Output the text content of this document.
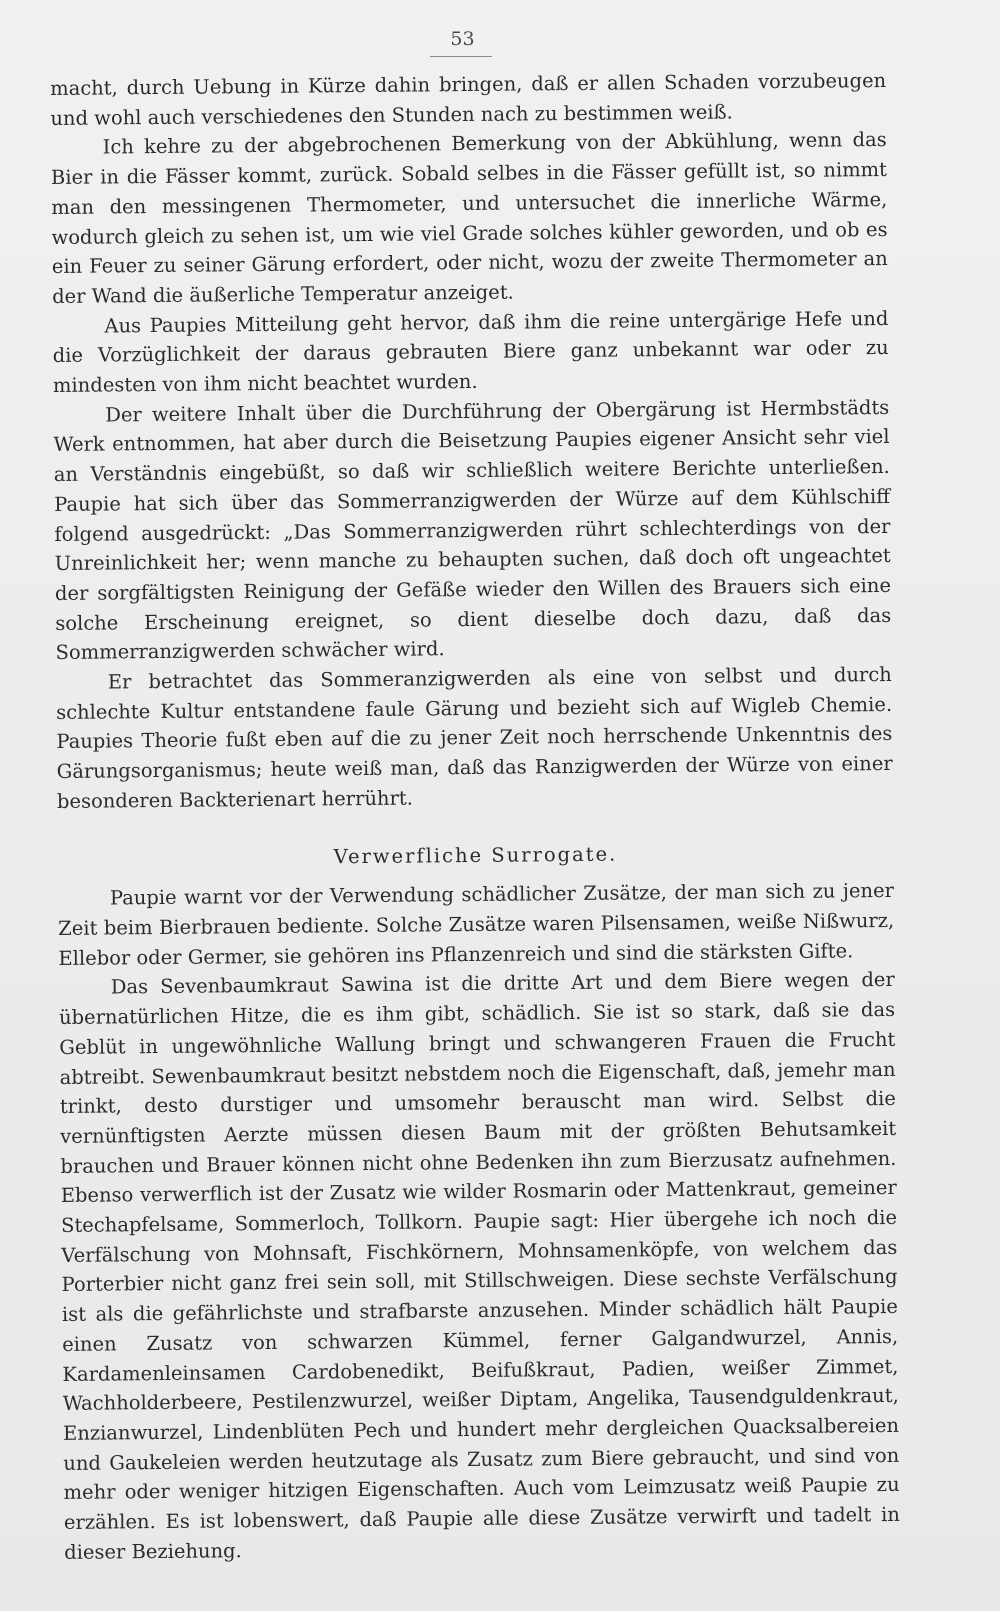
53

macht, durch Uebung in Kürze dahin bringen, daß er allen Schaden vorzubeugen und wohl auch verschiedenes den Stunden nach zu bestimmen weiß.

Ich kehre zu der abgebrochenen Bemerkung von der Abkühlung, wenn das Bier in die Fässer kommt, zurück. Sobald selbes in die Fässer gefüllt ist, so nimmt man den messingenen Thermometer, und untersuchet die innerliche Wärme, wodurch gleich zu sehen ist, um wie viel Grade solches kühler geworden, und ob es ein Feuer zu seiner Gärung erfordert, oder nicht, wozu der zweite Thermometer an der Wand die äußerliche Temperatur anzeiget.

Aus Paupies Mitteilung geht hervor, daß ihm die reine untergärige Hefe und die Vorzüglichkeit der daraus gebrauten Biere ganz unbekannt war oder zu mindesten von ihm nicht beachtet wurden.

Der weitere Inhalt über die Durchführung der Obergärung ist Hermbstädts Werk entnommen, hat aber durch die Beisetzung Paupies eigener Ansicht sehr viel an Verständnis eingebüßt, so daß wir schließlich weitere Berichte unterließen. Paupie hat sich über das Sommerranzigwerden der Würze auf dem Kühlschiff folgend ausgedrückt: „Das Sommerranzigwerden rührt schlechterdings von der Unreinlichkeit her; wenn manche zu behaupten suchen, daß doch oft ungeachtet der sorgfältigsten Reinigung der Gefäße wieder den Willen des Brauers sich eine solche Erscheinung ereignet, so dient dieselbe doch dazu, daß das Sommerranzigwerden schwächer wird.

Er betrachtet das Sommeranzigwerden als eine von selbst und durch schlechte Kultur entstandene faule Gärung und bezieht sich auf Wigleb Chemie. Paupies Theorie fußt eben auf die zu jener Zeit noch herrschende Unkenntnis des Gärungsorganismus; heute weiß man, daß das Ranzigwerden der Würze von einer besonderen Backterienart herrührt.

Verwerfliche Surrogate.

Paupie warnt vor der Verwendung schädlicher Zusätze, der man sich zu jener Zeit beim Bierbrauen bediente. Solche Zusätze waren Pilsensamen, weiße Nißwurz, Ellebor oder Germer, sie gehören ins Pflanzenreich und sind die stärksten Gifte.

Das Sevenbaumkraut Sawina ist die dritte Art und dem Biere wegen der übernatürlichen Hitze, die es ihm gibt, schädlich. Sie ist so stark, daß sie das Geblüt in ungewöhnliche Wallung bringt und schwangeren Frauen die Frucht abtreibt. Sewenbaumkraut besitzt nebstdem noch die Eigenschaft, daß, jemehr man trinkt, desto durstiger und umsomehr berauscht man wird. Selbst die vernünftigsten Aerzte müssen diesen Baum mit der größten Behutsamkeit brauchen und Brauer können nicht ohne Bedenken ihn zum Bierzusatz aufnehmen. Ebenso verwerflich ist der Zusatz wie wilder Rosmarin oder Mattenkraut, gemeiner Stechapfelsame, Sommerloch, Tollkorn. Paupie sagt: Hier übergehe ich noch die Verfälschung von Mohnsaft, Fischkörnern, Mohnsamenköpfe, von welchem das Porterbier nicht ganz frei sein soll, mit Stillschweigen. Diese sechste Verfälschung ist als die gefährlichste und strafbarste anzusehen. Minder schädlich hält Paupie einen Zusatz von schwarzen Kümmel, ferner Galgandwurzel, Annis, Kardamenleinsamen Cardobenedikt, Beifußkraut, Padien, weißer Zimmet, Wachholderbeere, Pestilenzwurzel, weißer Diptam, Angelika, Tausendguldenkraut, Enzianwurzel, Lindenblüten Pech und hundert mehr dergleichen Quacksalbereien und Gaukeleien werden heutzutage als Zusatz zum Biere gebraucht, und sind von mehr oder weniger hitzigen Eigenschaften. Auch vom Leimzusatz weiß Paupie zu erzählen. Es ist lobenswert, daß Paupie alle diese Zusätze verwirft und tadelt in dieser Beziehung.
